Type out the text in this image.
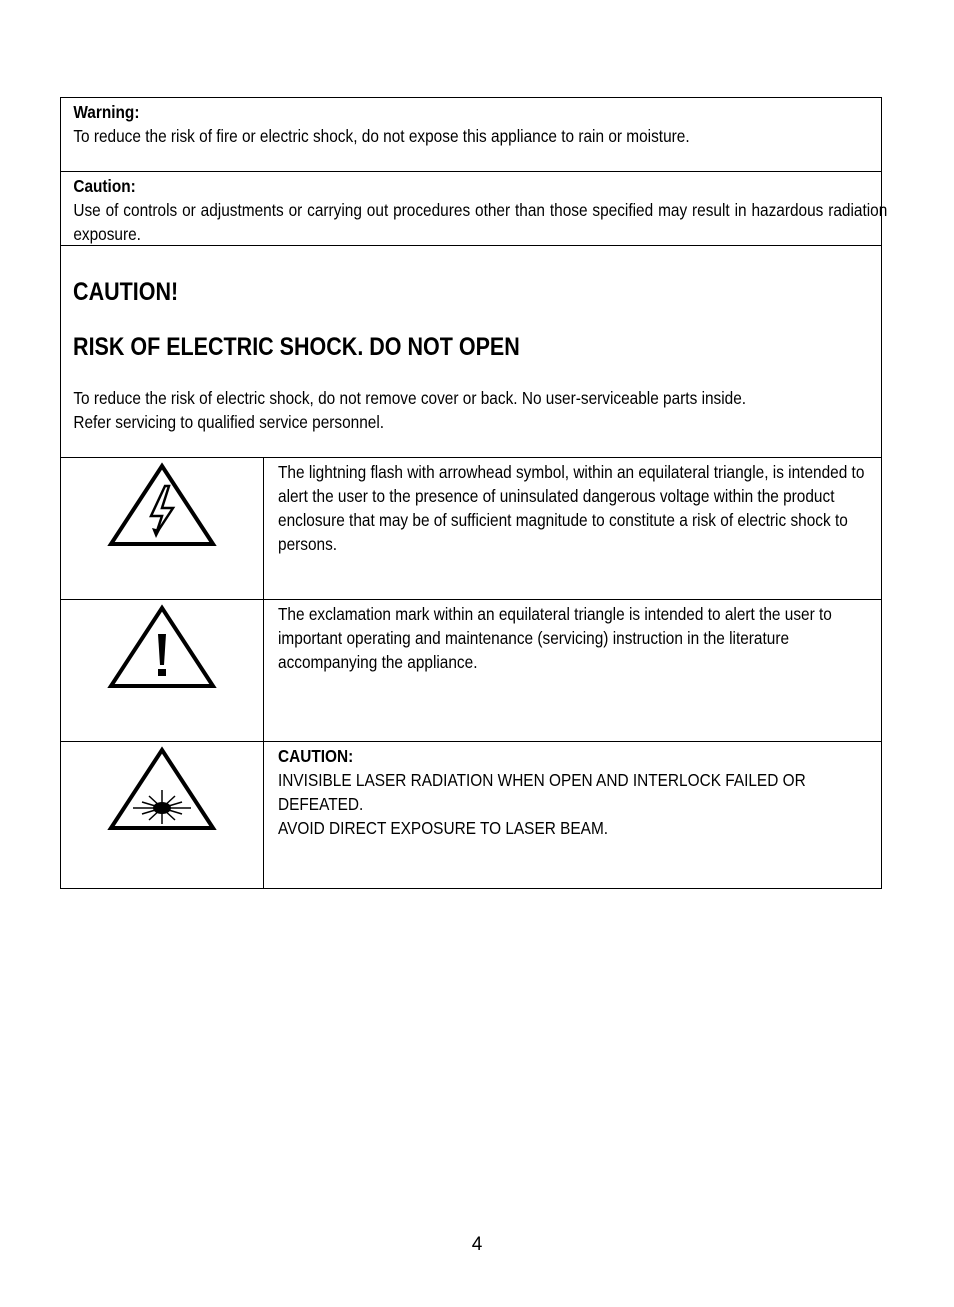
Warning:
To reduce the risk of fire or electric shock, do not expose this appliance to rain or moisture.
Caution:
Use of controls or adjustments or carrying out procedures other than those specified may result in hazardous radiation exposure.
CAUTION!
RISK OF ELECTRIC SHOCK. DO NOT OPEN
To reduce the risk of electric shock, do not remove cover or back. No user-serviceable parts inside.
Refer servicing to qualified service personnel.
The lightning flash with arrowhead symbol, within an equilateral triangle, is intended to alert the user to the presence of uninsulated dangerous voltage within the product enclosure that may be of sufficient magnitude to constitute a risk of electric shock to persons.
The exclamation mark within an equilateral triangle is intended to alert the user to important operating and maintenance (servicing) instruction in the literature accompanying the appliance.
CAUTION:
INVISIBLE LASER RADIATION WHEN OPEN AND INTERLOCK FAILED OR DEFEATED.
AVOID DIRECT EXPOSURE TO LASER BEAM.
4
